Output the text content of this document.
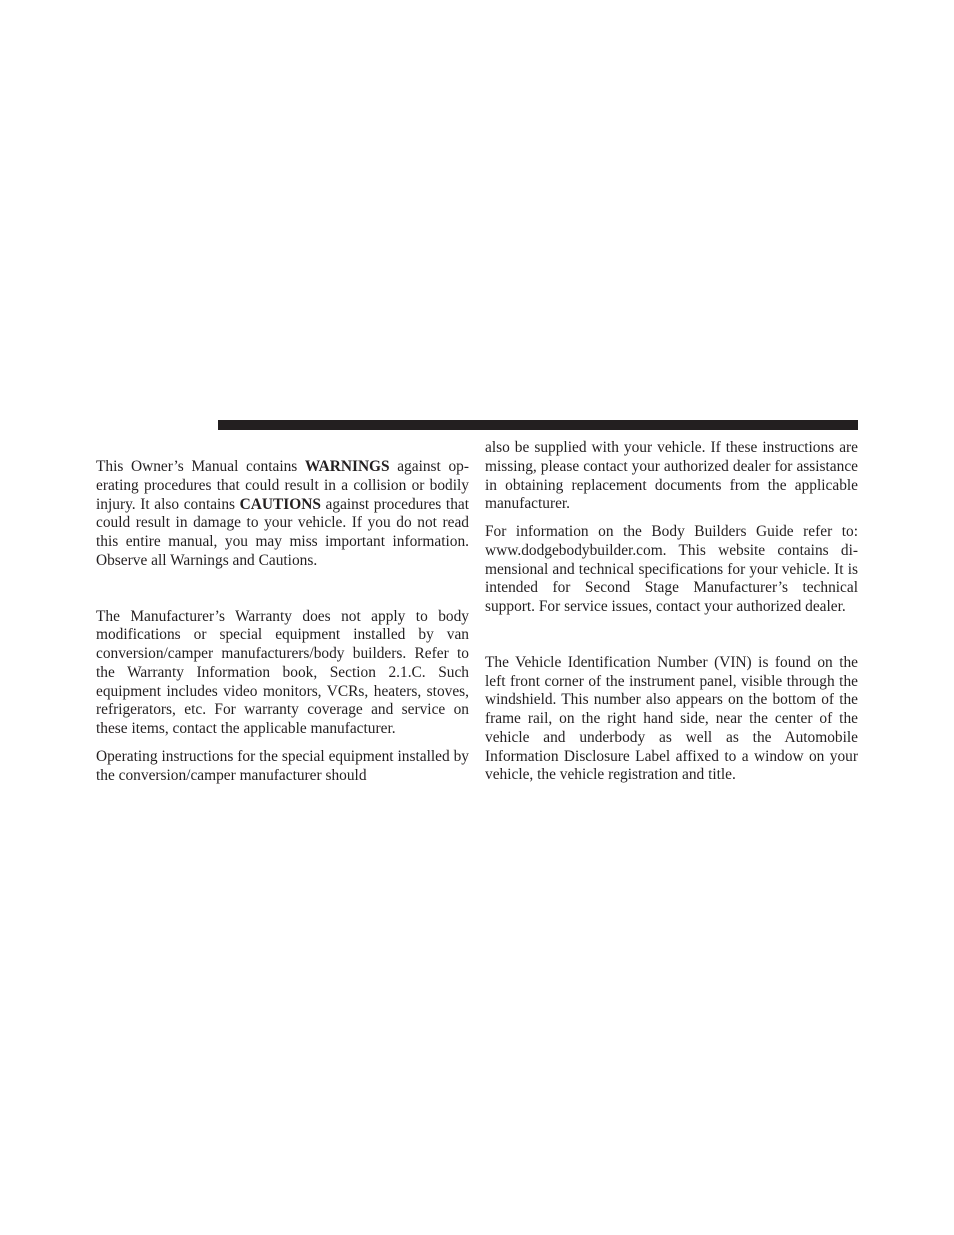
This Owner’s Manual contains WARNINGS against operating procedures that could result in a collision or bodily injury. It also contains CAUTIONS against procedures that could result in damage to your vehicle. If you do not read this entire manual, you may miss important information. Observe all Warnings and Cautions.

The Manufacturer’s Warranty does not apply to body modifications or special equipment installed by van conversion/camper manufacturers/body builders. Refer to the Warranty Information book, Section 2.1.C. Such equipment includes video monitors, VCRs, heaters, stoves, refrigerators, etc. For warranty coverage and service on these items, contact the applicable manufacturer.

Operating instructions for the special equipment installed by the conversion/camper manufacturer should

also be supplied with your vehicle. If these instructions are missing, please contact your authorized dealer for assistance in obtaining replacement documents from the applicable manufacturer.

For information on the Body Builders Guide refer to: www.dodgebodybuilder.com. This website contains dimensional and technical specifications for your vehicle. It is intended for Second Stage Manufacturer’s technical support. For service issues, contact your authorized dealer.

The Vehicle Identification Number (VIN) is found on the left front corner of the instrument panel, visible through the windshield. This number also appears on the bottom of the frame rail, on the right hand side, near the center of the vehicle and underbody as well as the Automobile Information Disclosure Label affixed to a window on your vehicle, the vehicle registration and title.
